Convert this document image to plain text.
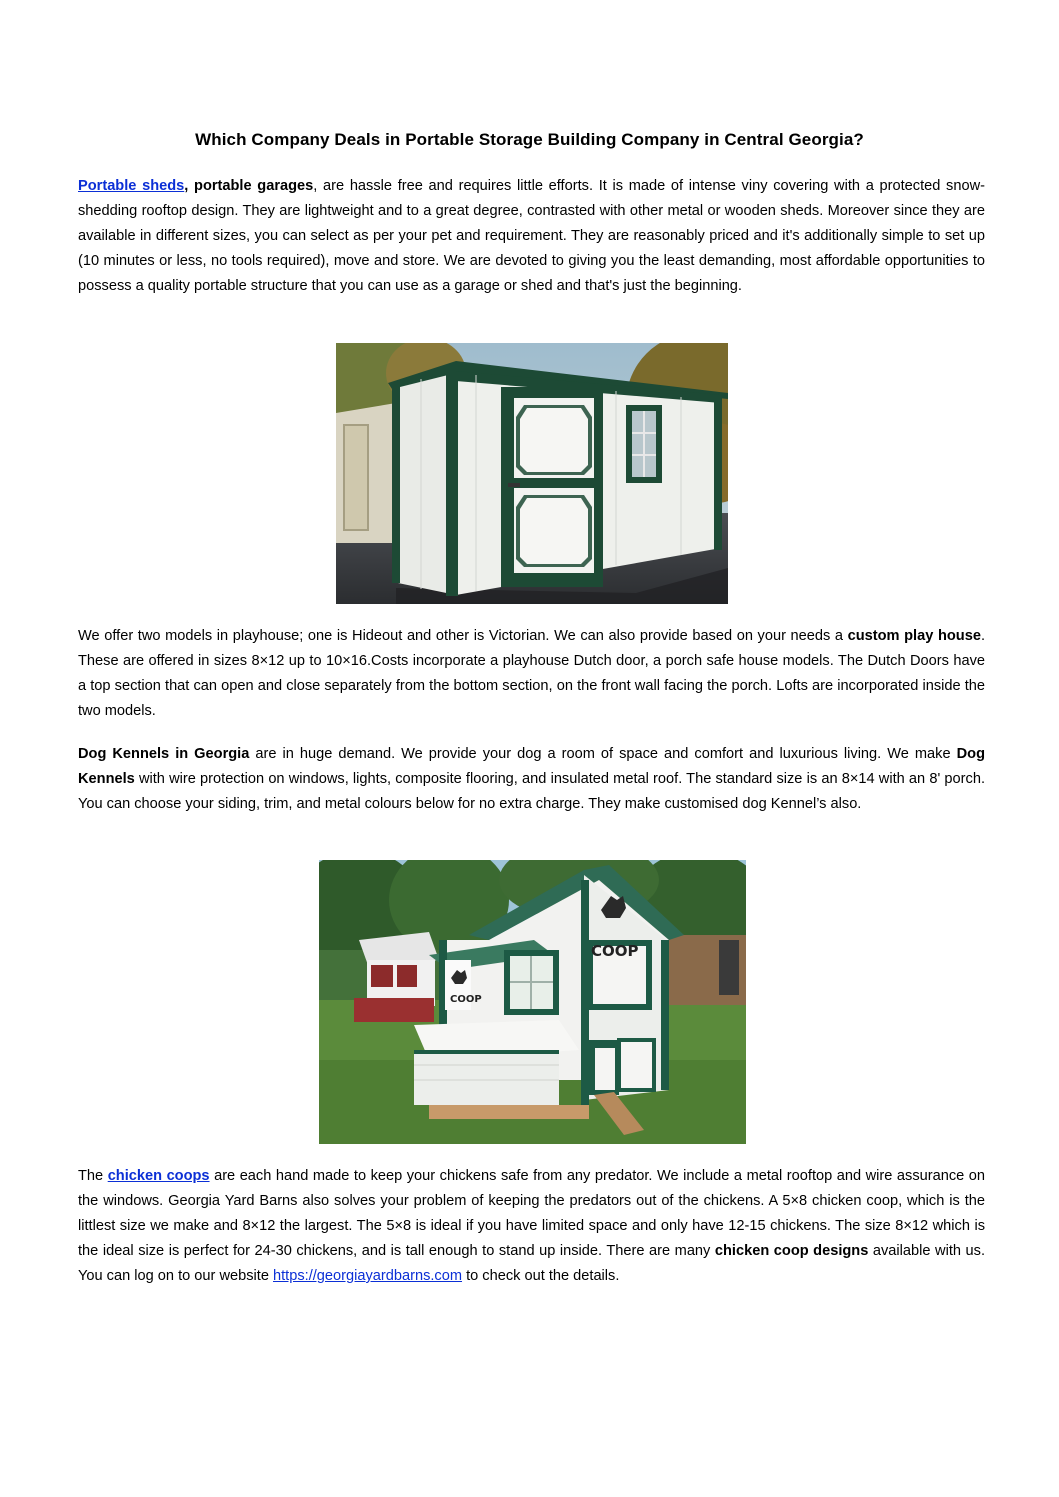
Which Company Deals in Portable Storage Building Company in Central Georgia?
Portable sheds, portable garages, are hassle free and requires little efforts. It is made of intense viny covering with a protected snow-shedding rooftop design. They are lightweight and to a great degree, contrasted with other metal or wooden sheds. Moreover since they are available in different sizes, you can select as per your pet and requirement. They are reasonably priced and it's additionally simple to set up (10 minutes or less, no tools required), move and store. We are devoted to giving you the least demanding, most affordable opportunities to possess a quality portable structure that you can use as a garage or shed and that's just the beginning.
We offer two models in playhouse; one is Hideout and other is Victorian. We can also provide based on your needs a custom play house. These are offered in sizes 8×12 up to 10×16.Costs incorporate a playhouse Dutch door, a porch safe house models. The Dutch Doors have a top section that can open and close separately from the bottom section, on the front wall facing the porch. Lofts are incorporated inside the two models.
Dog Kennels in Georgia are in huge demand. We provide your dog a room of space and comfort and luxurious living. We make Dog Kennels with wire protection on windows, lights, composite flooring, and insulated metal roof. The standard size is an 8×14 with an 8' porch. You can choose your siding, trim, and metal colours below for no extra charge. They make customised dog Kennel’s also.
COOP
COOP
The chicken coops are each hand made to keep your chickens safe from any predator. We include a metal rooftop and wire assurance on the windows. Georgia Yard Barns also solves your problem of keeping the predators out of the chickens. A 5×8 chicken coop, which is the littlest size we make and 8×12 the largest. The 5×8 is ideal if you have limited space and only have 12-15 chickens. The size 8×12 which is the ideal size is perfect for 24-30 chickens, and is tall enough to stand up inside. There are many chicken coop designs available with us. You can log on to our website https://georgiayardbarns.com to check out the details.
